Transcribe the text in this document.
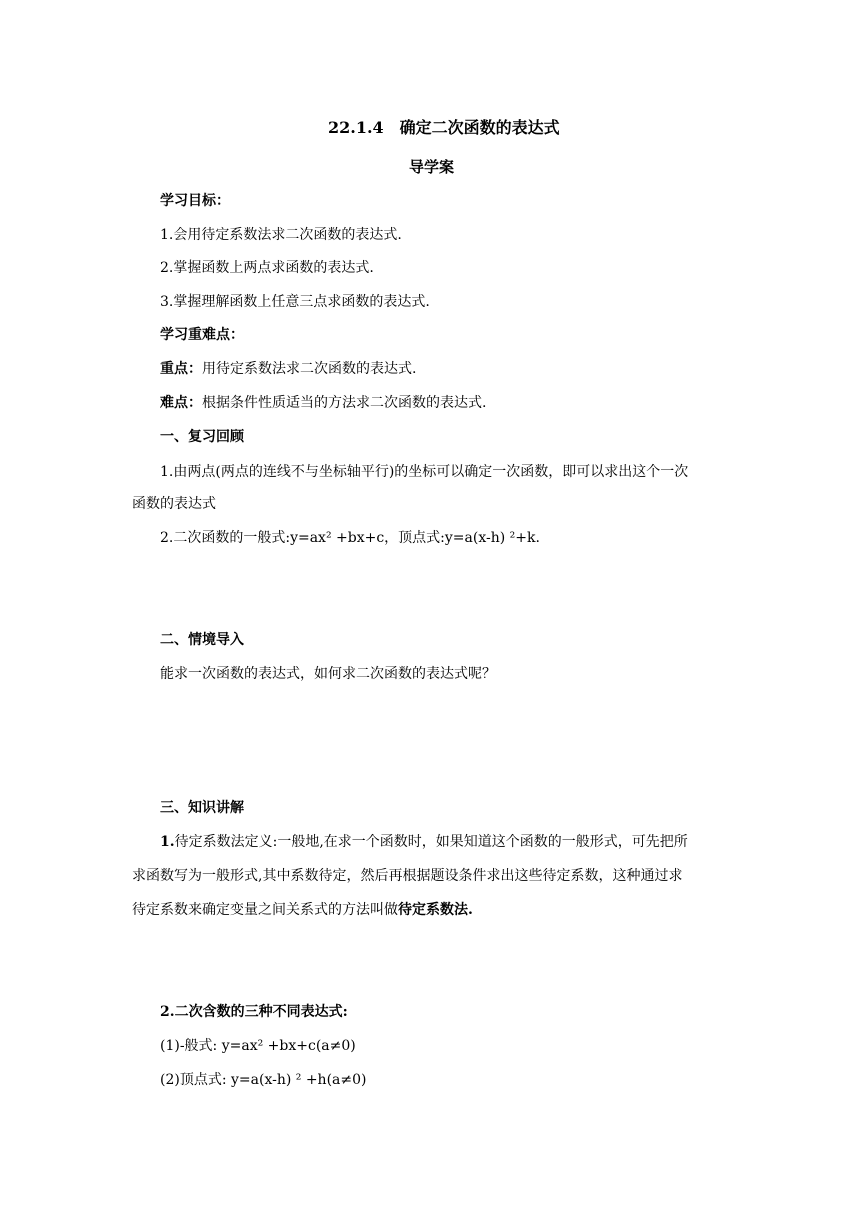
22.1.4　确定二次函数的表达式
导学案
学习目标：
1.会用待定系数法求二次函数的表达式.
2.掌握函数上两点求函数的表达式.
3.掌握理解函数上任意三点求函数的表达式.
学习重难点：
重点：用待定系数法求二次函数的表达式.
难点：根据条件性质适当的方法求二次函数的表达式.
一、复习回顾
1.由两点(两点的连线不与坐标轴平行)的坐标可以确定一次函数，即可以求出这个一次
函数的表达式
2.二次函数的一般式:y=ax² +bx+c，顶点式:y=a(x-h) ²+k.
二、情境导入
能求一次函数的表达式，如何求二次函数的表达式呢？
三、知识讲解
1.待定系数法定义:一般地,在求一个函数时，如果知道这个函数的一般形式，可先把所
求函数写为一般形式,其中系数待定，然后再根据题设条件求出这些待定系数，这种通过求
待定系数来确定变量之间关系式的方法叫做待定系数法.
2.二次含数的三种不同表达式:
(1)-般式: y=ax² +bx+c(a≠0)
(2)顶点式: y=a(x-h) ² +h(a≠0)
